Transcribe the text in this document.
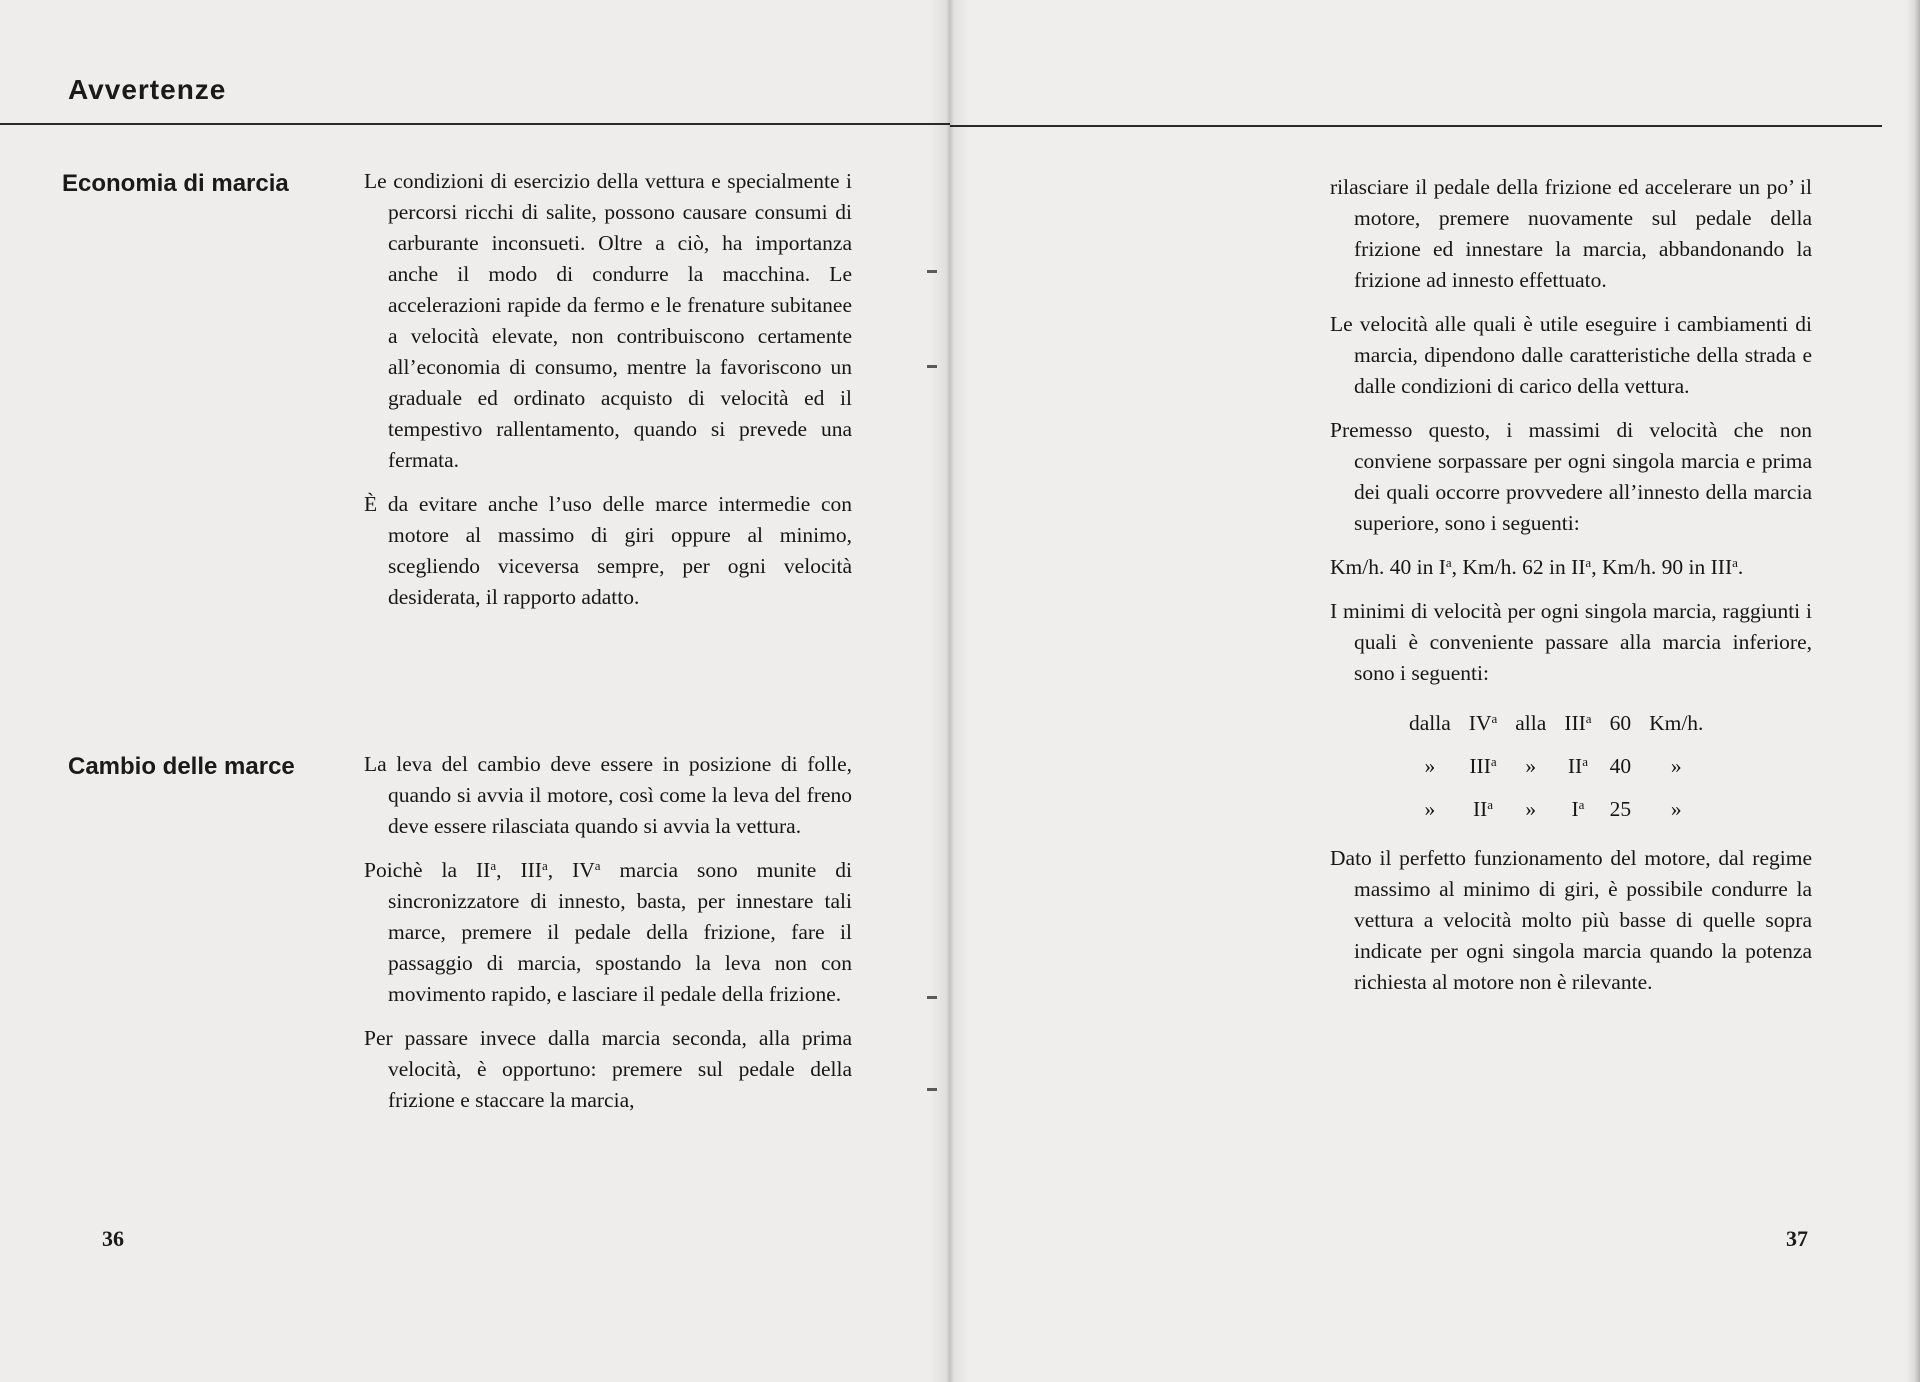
Avvertenze
Economia di marcia	Le condizioni di esercizio della vettura e specialmente i percorsi ricchi di salite, possono causare consumi di carburante inconsueti. Oltre a ciò, ha importanza anche il modo di condurre la macchina. Le accelerazioni rapide da fermo e le frenature subitanee a velocità elevate, non contribuiscono certamente all’economia di consumo, mentre la favoriscono un graduale ed ordinato acquisto di velocità ed il tempestivo rallentamento, quando si prevede una fermata.

È da evitare anche l’uso delle marce intermedie con motore al massimo di giri oppure al minimo, scegliendo viceversa sempre, per ogni velocità desiderata, il rapporto adatto.

Cambio delle marce	La leva del cambio deve essere in posizione di folle, quando si avvia il motore, così come la leva del freno deve essere rilasciata quando si avvia la vettura.

Poichè la $II^a$, III$^a$, $IV^a$ marcia sono munite di sincronizzatore di innesto, basta, per innestare tali marce, premere il pedale della frizione, fare il passaggio di marcia, spostando la leva non con movimento rapido, e lasciare il pedale della frizione.

Per passare invece dalla marcia seconda, alla prima velocità, è opportuno: premere sul pedale della frizione e staccare la marcia,

36

rilasciare il pedale della frizione ed accelerare un po’ il motore, premere nuovamente sul pedale della frizione ed innestare la marcia, abbandonando la frizione ad innesto effettuato.

Le velocità alle quali è utile eseguire i cambiamenti di marcia, dipendono dalle caratteristiche della strada e dalle condizioni di carico della vettura.

Premesso questo, i massimi di velocità che non conviene sorpassare per ogni singola marcia e prima dei quali occorre provvedere all’innesto della marcia superiore, sono i seguenti:

Km/h. 40 in $I^a$, Km/h. 62 in $II^a$, Km/h. 90 in III$^a$.

I minimi di velocità per ogni singola marcia, raggiunti i quali è conveniente passare alla marcia inferiore, sono i seguenti:

dalla	$IV^a$	alla	III$^a$	60	Km/h.
»	III$^a$	»	$II^a$	40	»
»	$II^a$	»	$I^a$	25	»

Dato il perfetto funzionamento del motore, dal regime massimo al minimo di giri, è possibile condurre la vettura a velocità molto più basse di quelle sopra indicate per ogni singola marcia quando la potenza richiesta al motore non è rilevante.

37
